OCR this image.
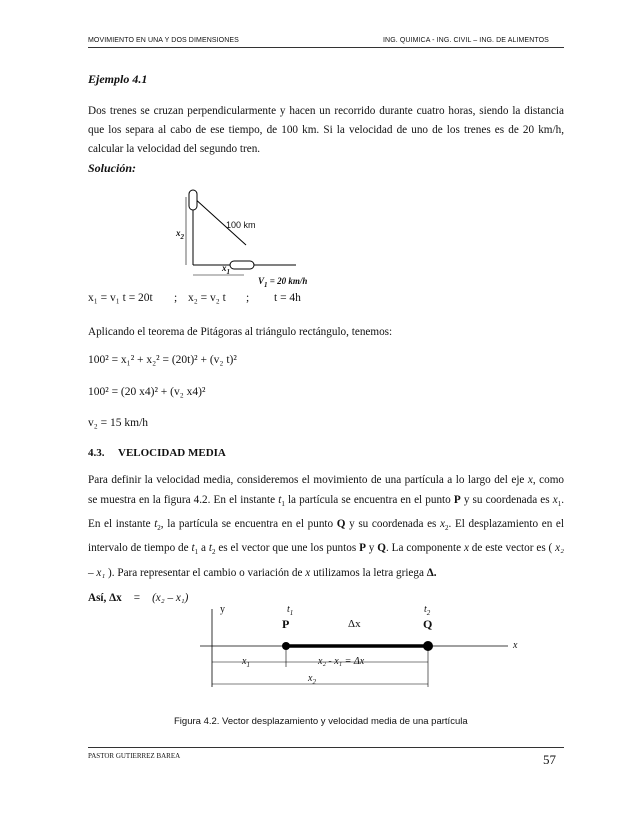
MOVIMIENTO EN UNA Y DOS DIMENSIONES	ING. QUIMICA - ING. CIVIL – ING. DE ALIMENTOS
Ejemplo 4.1
Dos trenes se cruzan perpendicularmente y hacen un recorrido durante cuatro horas, siendo la distancia que los separa al cabo de ese tiempo, de 100 km. Si la velocidad de uno de los trenes es de 20 km/h, calcular la velocidad del segundo tren.
Solución:
100 km
$x_2$
$x_1$
$V_1 = 20$ km/h
x₁ = v₁ t = 20t ; x₂ = v₂ t ; t = 4h
Aplicando el teorema de Pitágoras al triángulo rectángulo, tenemos:
100² = x₁² + x₂² = (20t)² + (v₂ t)²
100² = (20 x4)² + (v₂ x4)²
v₂ = 15 km/h
4.3. VELOCIDAD MEDIA
Para definir la velocidad media, consideremos el movimiento de una partícula a lo largo del eje x, como se muestra en la figura 4.2. En el instante $t_1$ la partícula se encuentra en el punto P y su coordenada es $x_1$. En el instante $t_2$, la partícula se encuentra en el punto Q y su coordenada es $x_2$. El desplazamiento en el intervalo de tiempo de $t_1$ a $t_2$ es el vector que une los puntos P y Q. La componente x de este vector es ( x₂ – x₁ ). Para representar el cambio o variación de x utilizamos la letra griega Δ.
Así, Δx = (x₂ – x₁)
y
x
$t_1$	$t_2$
P	Q
Δx
$x_1$	x₂ - x₁ = Δx
$x_2$
Figura 4.2. Vector desplazamiento y velocidad media de una partícula
PASTOR GUTIERREZ BAREA	57
